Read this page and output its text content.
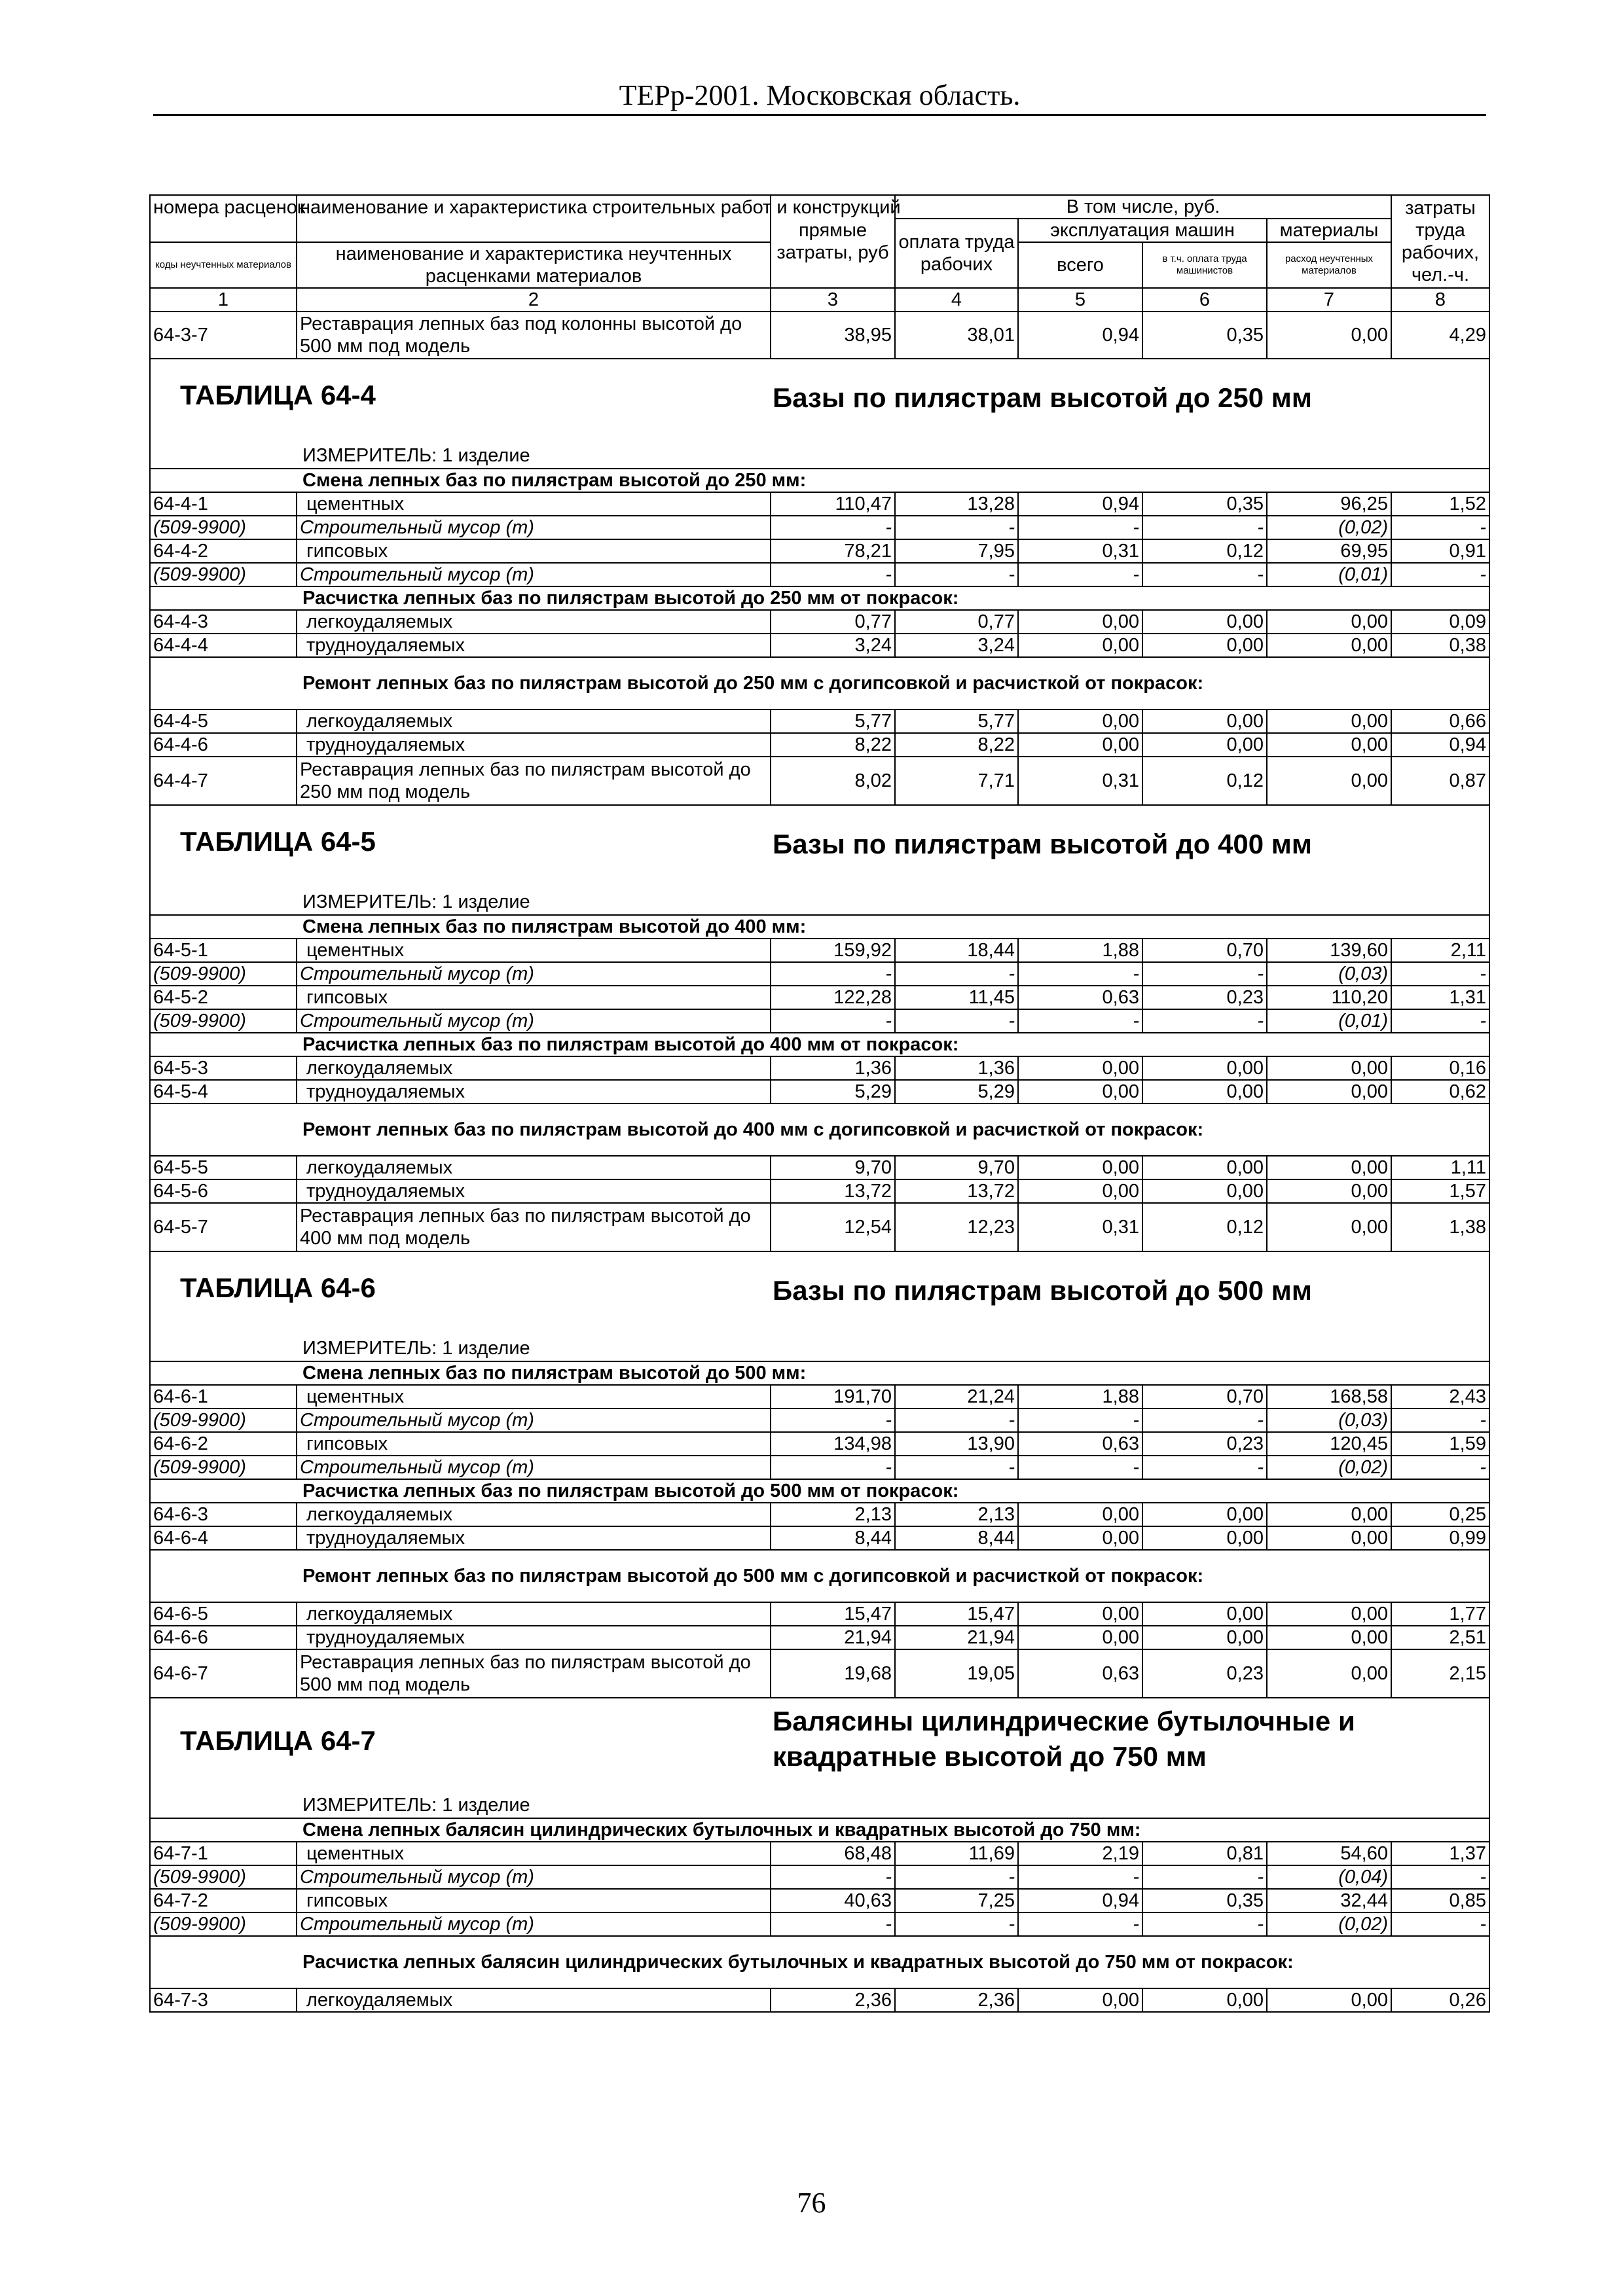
ТЕРр-2001. Московская область.
номера расценок	наименование и характеристика строительных работ и конструкций	прямые затраты, руб	В том числе, руб.				затраты труда рабочих, чел.-ч.
			оплата труда рабочих	эксплуатация машин		материалы	
коды неучтенных материалов	наименование и характеристика неучтенных расценками материалов			всего	в т.ч. оплата труда машинистов	расход неучтенных материалов	

1	2	3	4	5	6	7	8
64-3-7	Реставрация лепных баз под колонны высотой до 500 мм под модель	38,95	38,01	0,94	0,35	0,00	4,29

ТАБЛИЦА 64-4 Базы по пилястрам высотой до 250 мм
ИЗМЕРИТЕЛЬ: 1 изделие							

Смена лепных баз по пилястрам высотой до 250 мм:							
64-4-1	цементных	110,47	13,28	0,94	0,35	96,25	1,52
(509-9900)	Строительный мусор (т)	-	-	-	-	(0,02)	-
64-4-2	гипсовых	78,21	7,95	0,31	0,12	69,95	0,91
(509-9900)	Строительный мусор (т)	-	-	-	-	(0,01)	-
Расчистка лепных баз по пилястрам высотой до 250 мм от покрасок:							
64-4-3	легкоудаляемых	0,77	0,77	0,00	0,00	0,00	0,09
64-4-4	трудноудаляемых	3,24	3,24	0,00	0,00	0,00	0,38
Ремонт лепных баз по пилястрам высотой до 250 мм с догипсовкой и расчисткой от покрасок:							
64-4-5	легкоудаляемых	5,77	5,77	0,00	0,00	0,00	0,66
64-4-6	трудноудаляемых	8,22	8,22	0,00	0,00	0,00	0,94
64-4-7	Реставрация лепных баз по пилястрам высотой до 250 мм под модель	8,02	7,71	0,31	0,12	0,00	0,87

ТАБЛИЦА 64-5 Базы по пилястрам высотой до 400 мм
ИЗМЕРИТЕЛЬ: 1 изделие							

Смена лепных баз по пилястрам высотой до 400 мм:							
64-5-1	цементных	159,92	18,44	1,88	0,70	139,60	2,11
(509-9900)	Строительный мусор (т)	-	-	-	-	(0,03)	-
64-5-2	гипсовых	122,28	11,45	0,63	0,23	110,20	1,31
(509-9900)	Строительный мусор (т)	-	-	-	-	(0,01)	-
Расчистка лепных баз по пилястрам высотой до 400 мм от покрасок:							
64-5-3	легкоудаляемых	1,36	1,36	0,00	0,00	0,00	0,16
64-5-4	трудноудаляемых	5,29	5,29	0,00	0,00	0,00	0,62
Ремонт лепных баз по пилястрам высотой до 400 мм с догипсовкой и расчисткой от покрасок:							
64-5-5	легкоудаляемых	9,70	9,70	0,00	0,00	0,00	1,11
64-5-6	трудноудаляемых	13,72	13,72	0,00	0,00	0,00	1,57
64-5-7	Реставрация лепных баз по пилястрам высотой до 400 мм под модель	12,54	12,23	0,31	0,12	0,00	1,38

ТАБЛИЦА 64-6 Базы по пилястрам высотой до 500 мм
ИЗМЕРИТЕЛЬ: 1 изделие							

Смена лепных баз по пилястрам высотой до 500 мм:							
64-6-1	цементных	191,70	21,24	1,88	0,70	168,58	2,43
(509-9900)	Строительный мусор (т)	-	-	-	-	(0,03)	-
64-6-2	гипсовых	134,98	13,90	0,63	0,23	120,45	1,59
(509-9900)	Строительный мусор (т)	-	-	-	-	(0,02)	-
Расчистка лепных баз по пилястрам высотой до 500 мм от покрасок:							
64-6-3	легкоудаляемых	2,13	2,13	0,00	0,00	0,00	0,25
64-6-4	трудноудаляемых	8,44	8,44	0,00	0,00	0,00	0,99
Ремонт лепных баз по пилястрам высотой до 500 мм с догипсовкой и расчисткой от покрасок:							
64-6-5	легкоудаляемых	15,47	15,47	0,00	0,00	0,00	1,77
64-6-6	трудноудаляемых	21,94	21,94	0,00	0,00	0,00	2,51
64-6-7	Реставрация лепных баз по пилястрам высотой до 500 мм под модель	19,68	19,05	0,63	0,23	0,00	2,15

ТАБЛИЦА 64-7
Балясины цилиндрические бутылочные и квадратные высотой до 750 мм
ИЗМЕРИТЕЛЬ: 1 изделие							

Смена лепных балясин цилиндрических бутылочных и квадратных высотой до 750 мм:							
64-7-1	цементных	68,48	11,69	2,19	0,81	54,60	1,37
(509-9900)	Строительный мусор (т)	-	-	-	-	(0,04)	-
64-7-2	гипсовых	40,63	7,25	0,94	0,35	32,44	0,85
(509-9900)	Строительный мусор (т)	-	-	-	-	(0,02)	-
Расчистка лепных балясин цилиндрических бутылочных и квадратных высотой до 750 мм от покрасок:							
64-7-3	легкоудаляемых	2,36	2,36	0,00	0,00	0,00	0,26
76
